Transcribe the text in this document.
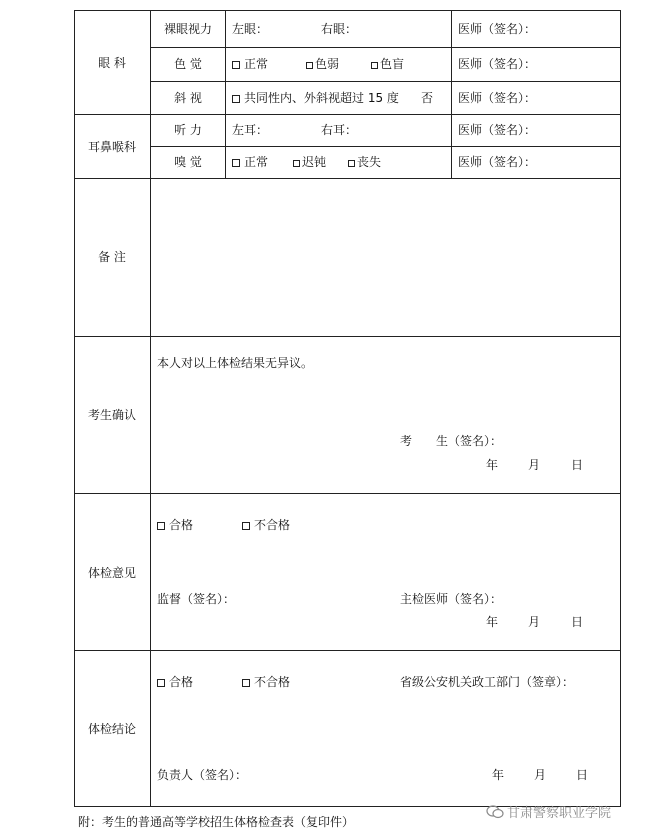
眼 科
裸眼视力 左眼：	右眼：	医师（签名）：
色 觉	正常	色弱	色盲	医师（签名）：
斜 视	共同性内、外斜视超过 15 度 否 医师（签名）：
耳鼻喉科
听 力	左耳：	右耳：	医师（签名）：
嗅 觉	正常	迟钝	丧失	医师（签名）：
备 注
考生确认
本人对以上体检结果无异议。
考　　生（签名）：
年 月	日
体检意见
合格	不合格
监督（签名）：	主检医师（签名）：
年 月	日
体检结论
合格	不合格	省级公安机关政工部门（签章）：
负责人（签名）：	年 月 日
附：考生的普通高等学校招生体格检查表（复印件）
甘肃警察职业学院
